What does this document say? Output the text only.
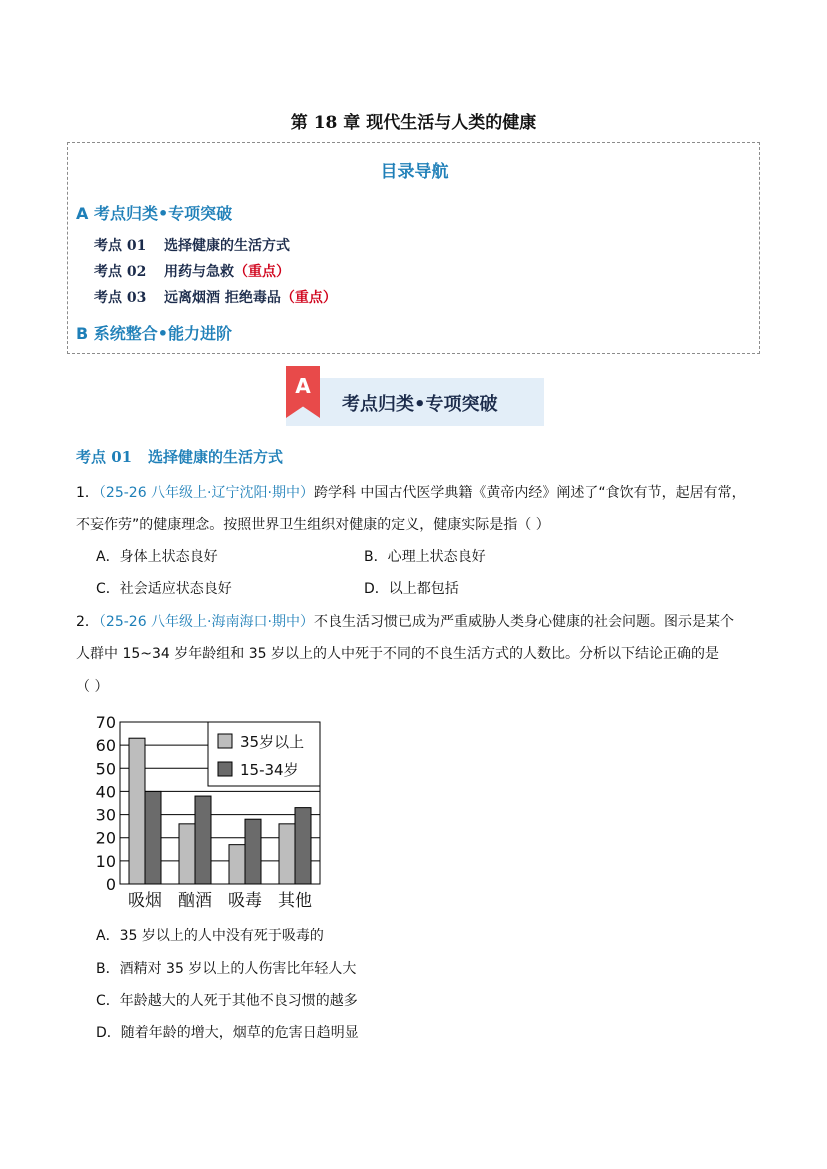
第 18 章 现代生活与人类的健康
目录导航
A 考点归类•专项突破
考点 01 选择健康的生活方式
考点 02 用药与急救（重点）
考点 03 远离烟酒 拒绝毒品（重点）
B 系统整合•能力进阶
A
考点归类•专项突破
考点 01 选择健康的生活方式
1．（25-26 八年级上·辽宁沈阳·期中）跨学科 中国古代医学典籍《黄帝内经》阐述了“食饮有节，起居有常，
不妄作劳”的健康理念。按照世界卫生组织对健康的定义，健康实际是指（ ）
A．身体上状态良好	B．心理上状态良好
C．社会适应状态良好	D．以上都包括
2．（25-26 八年级上·海南海口·期中）不良生活习惯已成为严重威胁人类身心健康的社会问题。图示是某个
人群中 15~34 岁年龄组和 35 岁以上的人中死于不同的不良生活方式的人数比。分析以下结论正确的是
（ ）
0
10
20
30
40
50
60
70
吸烟 酗酒 吸毒 其他
35岁以上
15-34岁
A．35 岁以上的人中没有死于吸毒的
B．酒精对 35 岁以上的人伤害比年轻人大
C．年龄越大的人死于其他不良习惯的越多
D．随着年龄的增大，烟草的危害日趋明显
